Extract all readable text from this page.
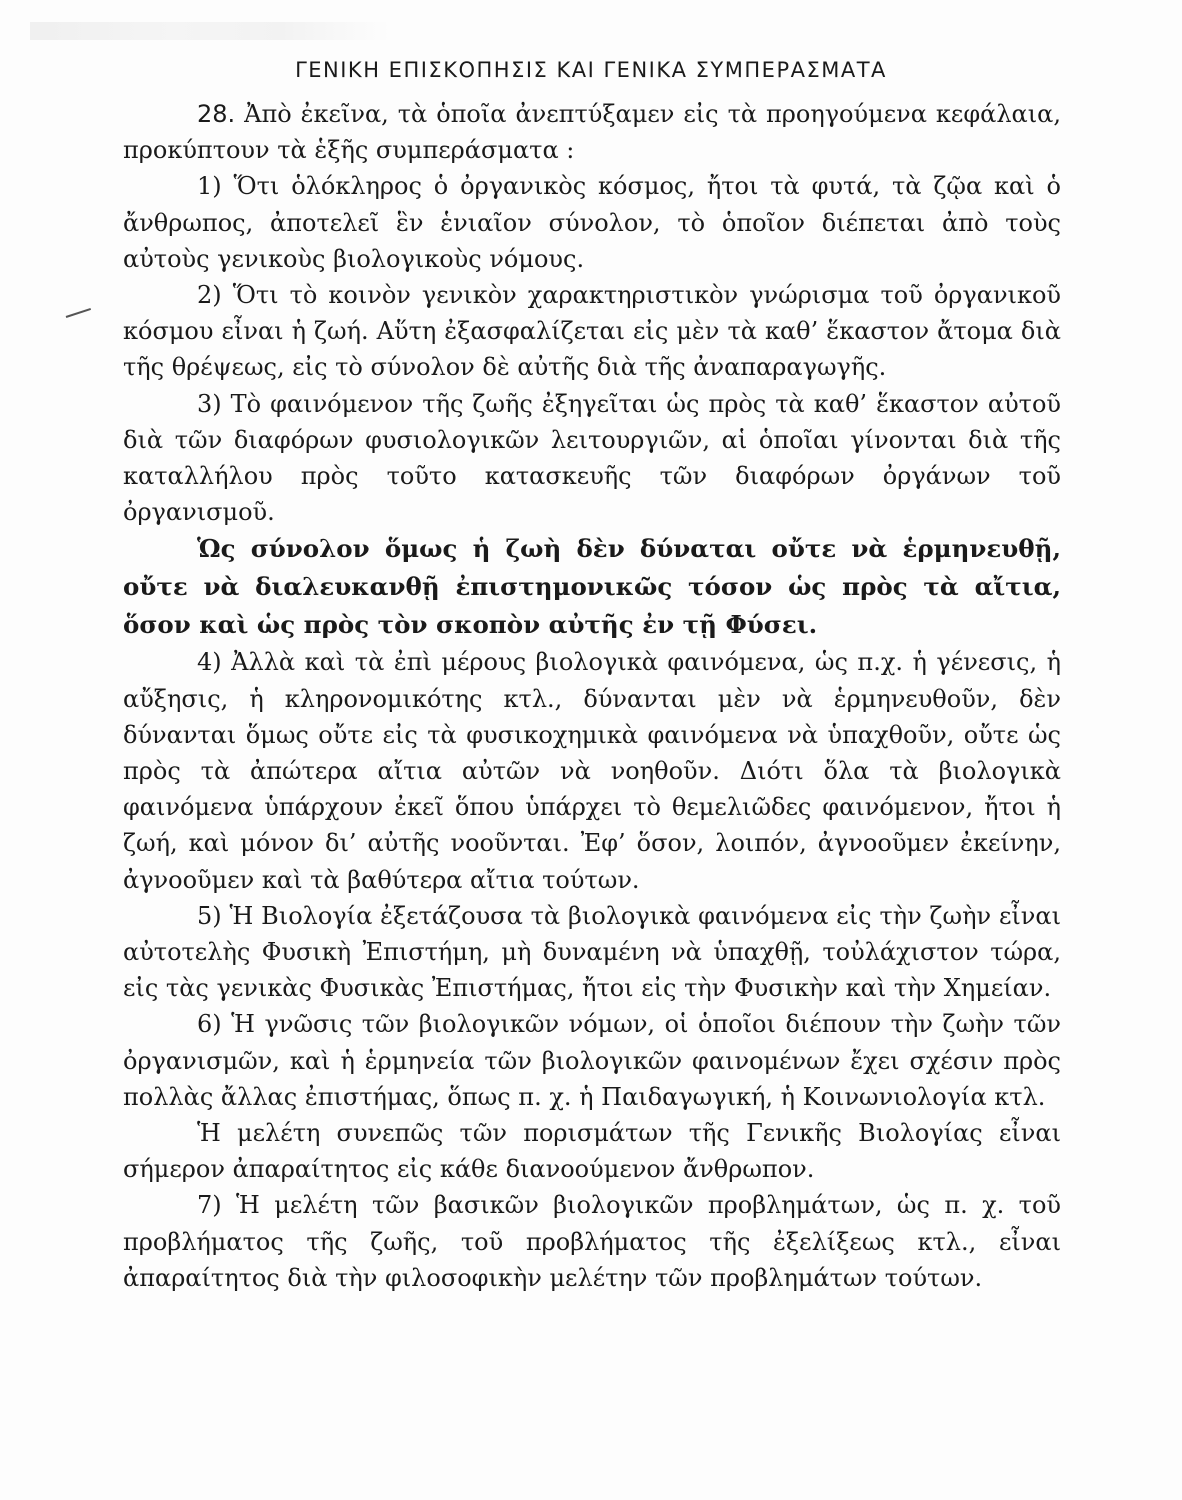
ΓΕΝΙΚΗ ΕΠΙΣΚΟΠΗΣΙΣ ΚΑΙ ΓΕΝΙΚΑ ΣΥΜΠΕΡΑΣΜΑΤΑ

28. Ἀπὸ ἐκεῖνα, τὰ ὁποῖα ἀνεπτύξαμεν εἰς τὰ προηγούμενα κεφάλαια, προκύπτουν τὰ ἑξῆς συμπεράσματα :

1) Ὅτι ὁλόκληρος ὁ ὀργανικὸς κόσμος, ἤτοι τὰ φυτά, τὰ ζῷα καὶ ὁ ἄνθρωπος, ἀποτελεῖ ἓν ἑνιαῖον σύνολον, τὸ ὁποῖον διέπεται ἀπὸ τοὺς αὐτοὺς γενικοὺς βιολογικοὺς νόμους.

2) Ὅτι τὸ κοινὸν γενικὸν χαρακτηριστικὸν γνώρισμα τοῦ ὀργανικοῦ κόσμου εἶναι ἡ ζωή. Αὕτη ἐξασφαλίζεται εἰς μὲν τὰ καθ’ ἕκαστον ἄτομα διὰ τῆς θρέψεως, εἰς τὸ σύνολον δὲ αὐτῆς διὰ τῆς ἀναπαραγωγῆς.

3) Τὸ φαινόμενον τῆς ζωῆς ἐξηγεῖται ὡς πρὸς τὰ καθ’ ἕκαστον αὐτοῦ διὰ τῶν διαφόρων φυσιολογικῶν λειτουργιῶν, αἱ ὁποῖαι γίνονται διὰ τῆς καταλλήλου πρὸς τοῦτο κατασκευῆς τῶν διαφόρων ὀργάνων τοῦ ὀργανισμοῦ.

Ὡς σύνολον ὅμως ἡ ζωὴ δὲν δύναται οὔτε νὰ ἑρμηνευθῇ, οὔτε νὰ διαλευκανθῇ ἐπιστημονικῶς τόσον ὡς πρὸς τὰ αἴτια, ὅσον καὶ ὡς πρὸς τὸν σκοπὸν αὐτῆς ἐν τῇ Φύσει.

4) Ἀλλὰ καὶ τὰ ἐπὶ μέρους βιολογικὰ φαινόμενα, ὡς π.χ. ἡ γένεσις, ἡ αὔξησις, ἡ κληρονομικότης κτλ., δύνανται μὲν νὰ ἑρμηνευθοῦν, δὲν δύνανται ὅμως οὔτε εἰς τὰ φυσικοχημικὰ φαινόμενα νὰ ὑπαχθοῦν, οὔτε ὡς πρὸς τὰ ἀπώτερα αἴτια αὐτῶν νὰ νοηθοῦν. Διότι ὅλα τὰ βιολογικὰ φαινόμενα ὑπάρχουν ἐκεῖ ὅπου ὑπάρχει τὸ θεμελιῶδες φαινόμενον, ἤτοι ἡ ζωή, καὶ μόνον δι’ αὐτῆς νοοῦνται. Ἐφ’ ὅσον, λοιπόν, ἀγνοοῦμεν ἐκείνην, ἀγνοοῦμεν καὶ τὰ βαθύτερα αἴτια τούτων.

5) Ἡ Βιολογία ἐξετάζουσα τὰ βιολογικὰ φαινόμενα εἰς τὴν ζωὴν εἶναι αὐτοτελὴς Φυσικὴ Ἐπιστήμη, μὴ δυναμένη νὰ ὑπαχθῇ, τοὐλάχιστον τώρα, εἰς τὰς γενικὰς Φυσικὰς Ἐπιστήμας, ἤτοι εἰς τὴν Φυσικὴν καὶ τὴν Χημείαν.

6) Ἡ γνῶσις τῶν βιολογικῶν νόμων, οἱ ὁποῖοι διέπουν τὴν ζωὴν τῶν ὀργανισμῶν, καὶ ἡ ἑρμηνεία τῶν βιολογικῶν φαινομένων ἔχει σχέσιν πρὸς πολλὰς ἄλλας ἐπιστήμας, ὅπως π. χ. ἡ Παιδαγωγική, ἡ Κοινωνιολογία κτλ.

Ἡ μελέτη συνεπῶς τῶν πορισμάτων τῆς Γενικῆς Βιολογίας εἶναι σήμερον ἀπαραίτητος εἰς κάθε διανοούμενον ἄνθρωπον.

7) Ἡ μελέτη τῶν βασικῶν βιολογικῶν προβλημάτων, ὡς π. χ. τοῦ προβλήματος τῆς ζωῆς, τοῦ προβλήματος τῆς ἐξελίξεως κτλ., εἶναι ἀπαραίτητος διὰ τὴν φιλοσοφικὴν μελέτην τῶν προβλημάτων τούτων.
